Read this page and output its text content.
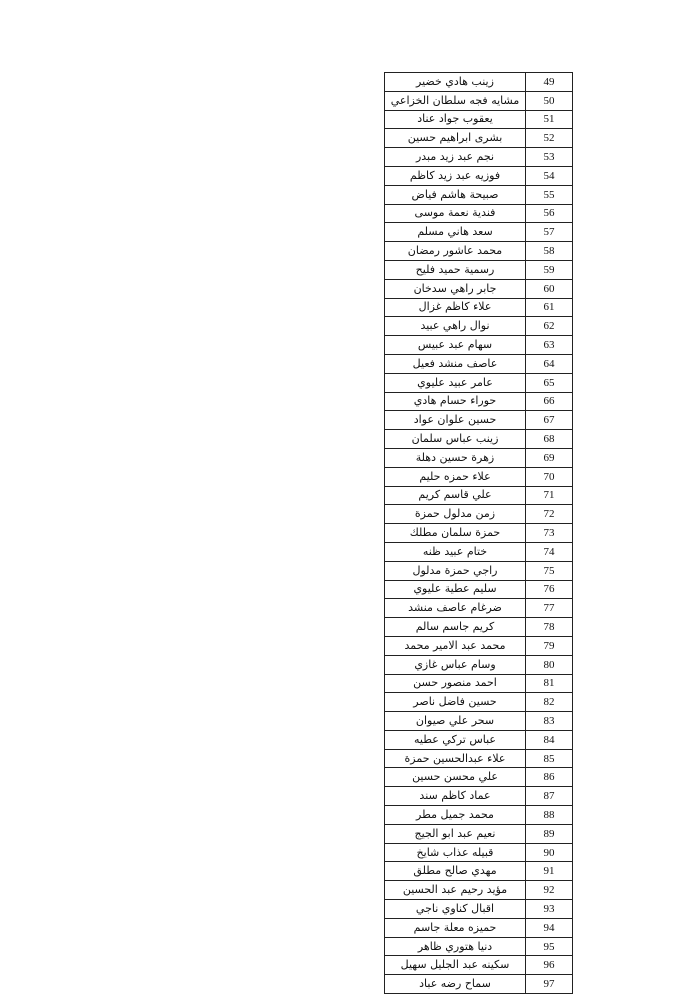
زينب هادي خضير	49
مشايه فجه سلطان الخزاعي	50
يعقوب جواد عناد	51
بشرى ابراهيم حسين	52
نجم عبد زيد مبدر	53
فوزيه عبد زيد كاظم	54
صبيحة هاشم فياض	55
فندية نعمة موسى	56
سعد هاني مسلم	57
محمد عاشور رمضان	58
رسمية حميد فليح	59
جابر راهي سدخان	60
علاء كاظم غزال	61
نوال راهي عبيد	62
سهام عبد عبيس	63
عاصف منشد فعيل	64
عامر عبيد عليوي	65
حوراء حسام هادي	66
حسين علوان عواد	67
زينب عباس سلمان	68
زهرة حسين دهلة	69
علاء حمزه حليم	70
علي قاسم كريم	71
زمن مدلول حمزة	72
حمزة سلمان مطلك	73
ختام عبيد ظنه	74
راجي حمزة مدلول	75
سليم عطية عليوي	76
ضرغام عاصف منشد	77
كريم جاسم سالم	78
محمد عبد الامير محمد	79
وسام عباس غازي	80
احمد منصور حسن	81
حسين فاضل ناصر	82
سحر علي صيوان	83
عباس تركي عطيه	84
علاء عبدالحسين حمزة	85
علي محسن حسين	86
عماد كاظم سند	87
محمد جميل مطر	88
نعيم عبد ابو الجيج	89
قبيله عذاب شايخ	90
مهدي صالح مطلق	91
مؤيد رحيم عبد الحسين	92
اقبال كناوي ناجي	93
حميزه معلة جاسم	94
دنيا هتوري ظاهر	95
سكينه عبد الجليل سهيل	96
سماح رضه عباد	97
